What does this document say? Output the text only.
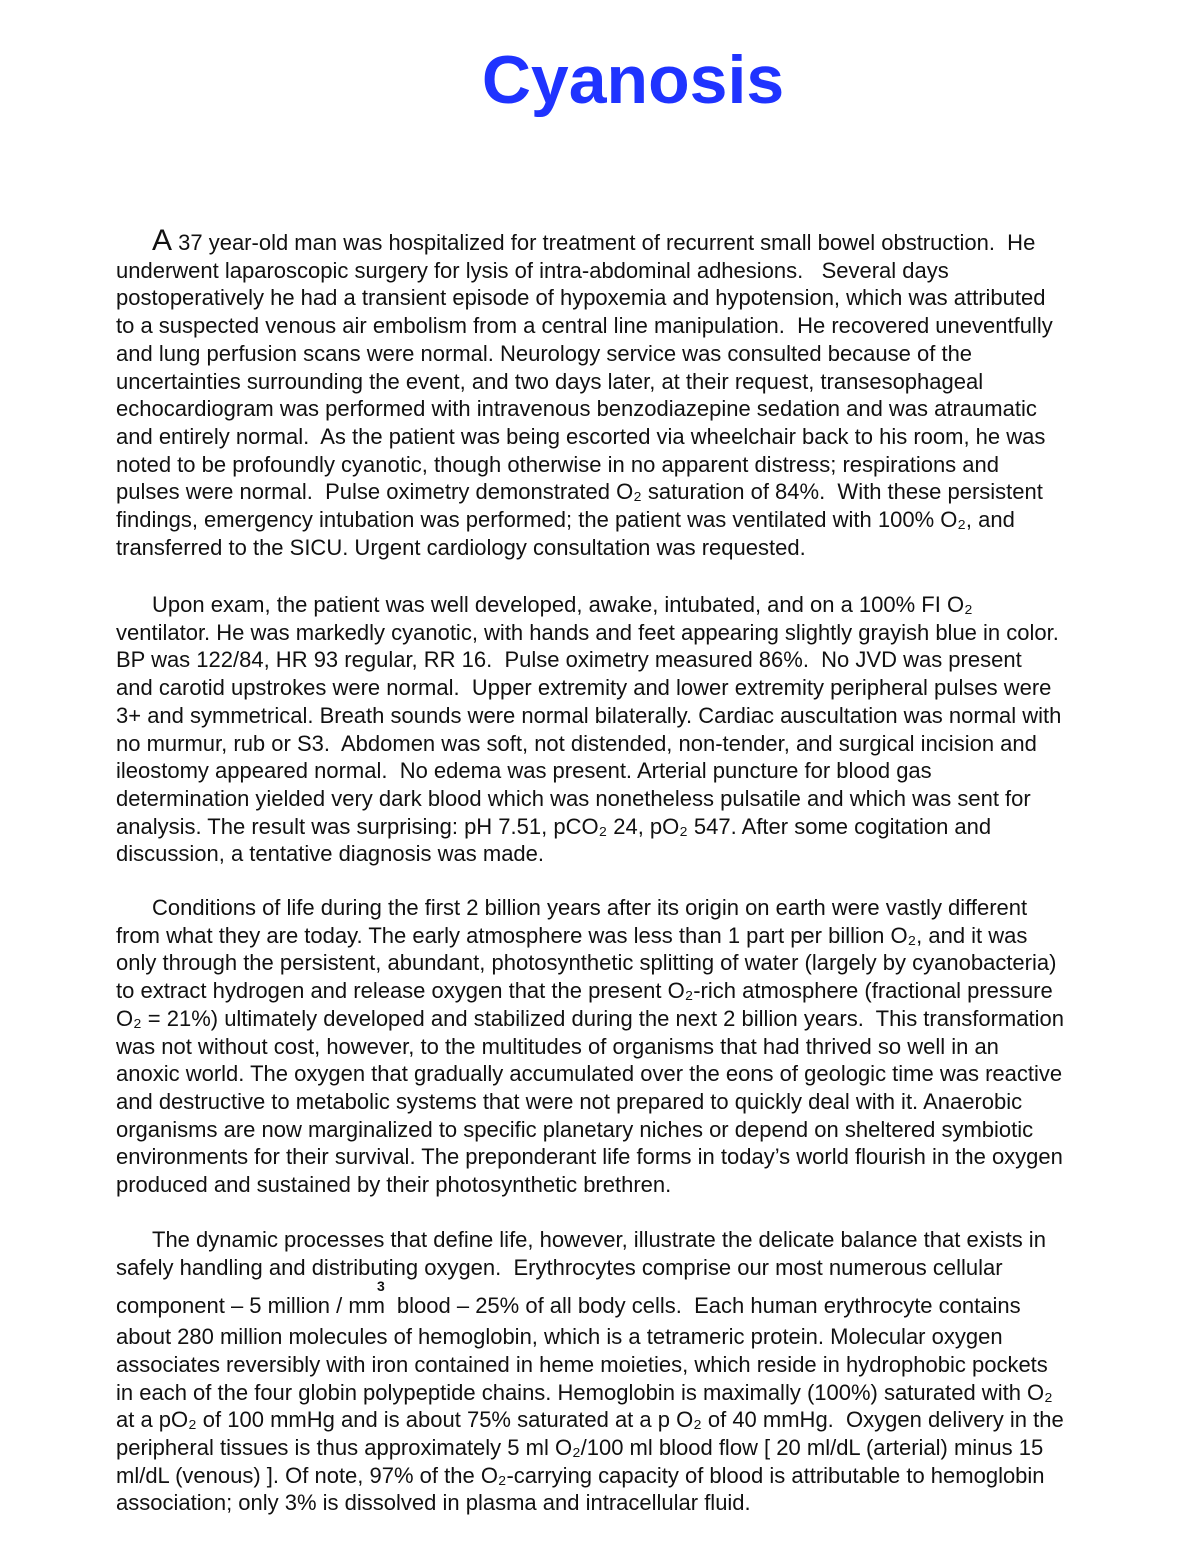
Cyanosis
A 37 year-old man was hospitalized for treatment of recurrent small bowel obstruction.  He
underwent laparoscopic surgery for lysis of intra-abdominal adhesions.   Several days
postoperatively he had a transient episode of hypoxemia and hypotension, which was attributed
to a suspected venous air embolism from a central line manipulation.  He recovered uneventfully
and lung perfusion scans were normal. Neurology service was consulted because of the
uncertainties surrounding the event, and two days later, at their request, transesophageal
echocardiogram was performed with intravenous benzodiazepine sedation and was atraumatic
and entirely normal.  As the patient was being escorted via wheelchair back to his room, he was
noted to be profoundly cyanotic, though otherwise in no apparent distress; respirations and
pulses were normal.  Pulse oximetry demonstrated O₂ saturation of 84%.  With these persistent
findings, emergency intubation was performed; the patient was ventilated with 100% O₂, and
transferred to the SICU. Urgent cardiology consultation was requested.
Upon exam, the patient was well developed, awake, intubated, and on a 100% FI O₂
ventilator. He was markedly cyanotic, with hands and feet appearing slightly grayish blue in color.
BP was 122/84, HR 93 regular, RR 16.  Pulse oximetry measured 86%.  No JVD was present
and carotid upstrokes were normal.  Upper extremity and lower extremity peripheral pulses were
3+ and symmetrical. Breath sounds were normal bilaterally. Cardiac auscultation was normal with
no murmur, rub or S3.  Abdomen was soft, not distended, non-tender, and surgical incision and
ileostomy appeared normal.  No edema was present. Arterial puncture for blood gas
determination yielded very dark blood which was nonetheless pulsatile and which was sent for
analysis. The result was surprising: pH 7.51, pCO₂ 24, pO₂ 547. After some cogitation and
discussion, a tentative diagnosis was made.
Conditions of life during the first 2 billion years after its origin on earth were vastly different
from what they are today. The early atmosphere was less than 1 part per billion O₂, and it was
only through the persistent, abundant, photosynthetic splitting of water (largely by cyanobacteria)
to extract hydrogen and release oxygen that the present O₂-rich atmosphere (fractional pressure
O₂ = 21%) ultimately developed and stabilized during the next 2 billion years.  This transformation
was not without cost, however, to the multitudes of organisms that had thrived so well in an
anoxic world. The oxygen that gradually accumulated over the eons of geologic time was reactive
and destructive to metabolic systems that were not prepared to quickly deal with it. Anaerobic
organisms are now marginalized to specific planetary niches or depend on sheltered symbiotic
environments for their survival. The preponderant life forms in today’s world flourish in the oxygen
produced and sustained by their photosynthetic brethren.
The dynamic processes that define life, however, illustrate the delicate balance that exists in
safely handling and distributing oxygen.  Erythrocytes comprise our most numerous cellular
component – 5 million / $mm^3$ blood – 25% of all body cells.  Each human erythrocyte contains
about 280 million molecules of hemoglobin, which is a tetrameric protein. Molecular oxygen
associates reversibly with iron contained in heme moieties, which reside in hydrophobic pockets
in each of the four globin polypeptide chains. Hemoglobin is maximally (100%) saturated with O₂
at a pO₂ of 100 mmHg and is about 75% saturated at a p O₂ of 40 mmHg.  Oxygen delivery in the
peripheral tissues is thus approximately 5 ml O₂/100 ml blood flow [ 20 ml/dL (arterial) minus 15
ml/dL (venous) ]. Of note, 97% of the O₂-carrying capacity of blood is attributable to hemoglobin
association; only 3% is dissolved in plasma and intracellular fluid.
